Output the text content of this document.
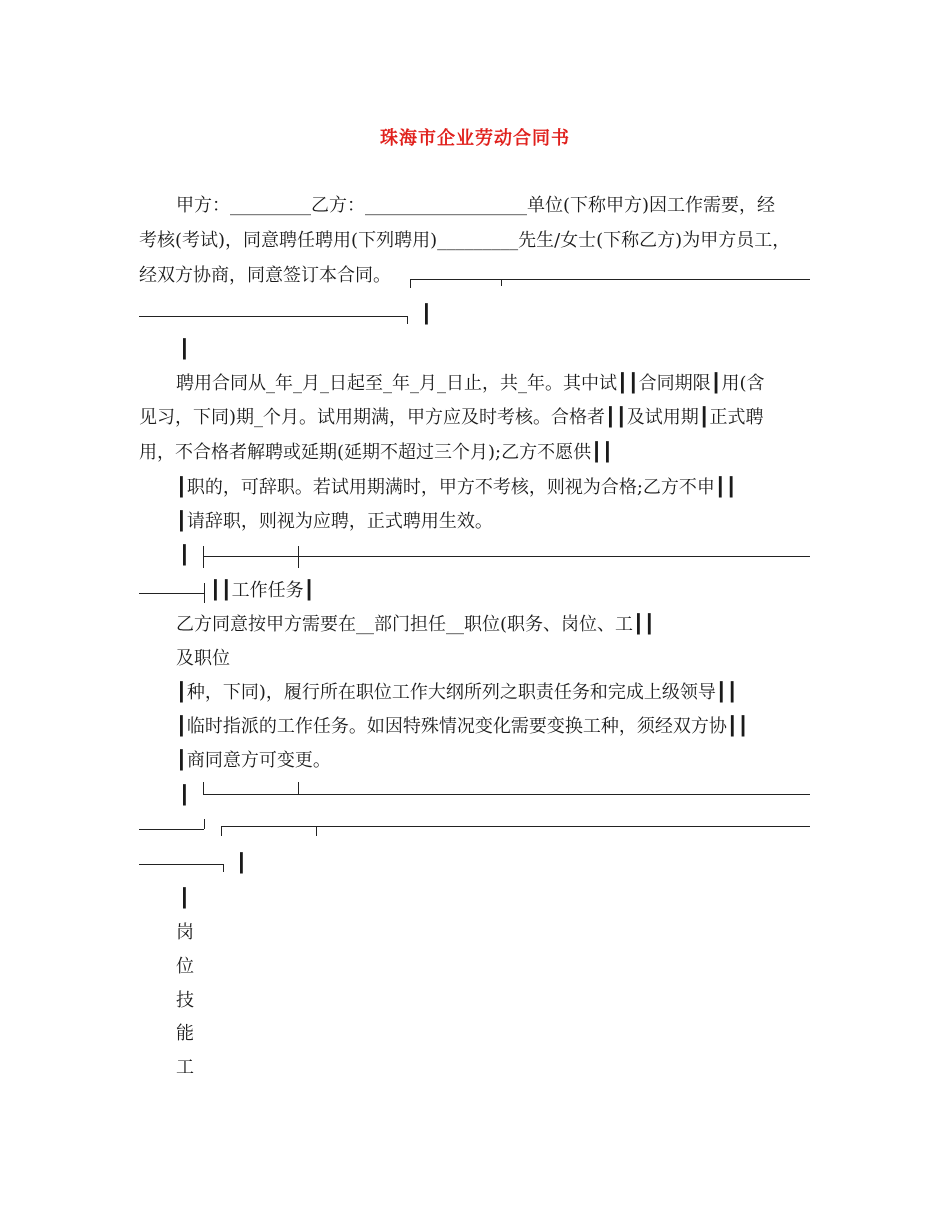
珠海市企业劳动合同书
甲方：_________乙方：__________________单位(下称甲方)因工作需要，经
考核(考试)，同意聘任聘用(下列聘用)_________先生/女士(下称乙方)为甲方员工，
经双方协商，同意签订本合同。
┃
┃
聘用合同从_年_月_日起至_年_月_日止，共_年。其中试┃┃合同期限┃用(含
见习，下同)期_个月。试用期满，甲方应及时考核。合格者┃┃及试用期┃正式聘
用，不合格者解聘或延期(延期不超过三个月);乙方不愿供┃┃
┃职的，可辞职。若试用期满时，甲方不考核，则视为合格;乙方不申┃┃
┃请辞职，则视为应聘，正式聘用生效。
┃
┃┃工作任务┃
乙方同意按甲方需要在__部门担任__职位(职务、岗位、工┃┃
及职位
┃种，下同)，履行所在职位工作大纲所列之职责任务和完成上级领导┃┃
┃临时指派的工作任务。如因特殊情况变化需要变换工种，须经双方协┃┃
┃商同意方可变更。
┃
┃
┃
岗
位
技
能
工
